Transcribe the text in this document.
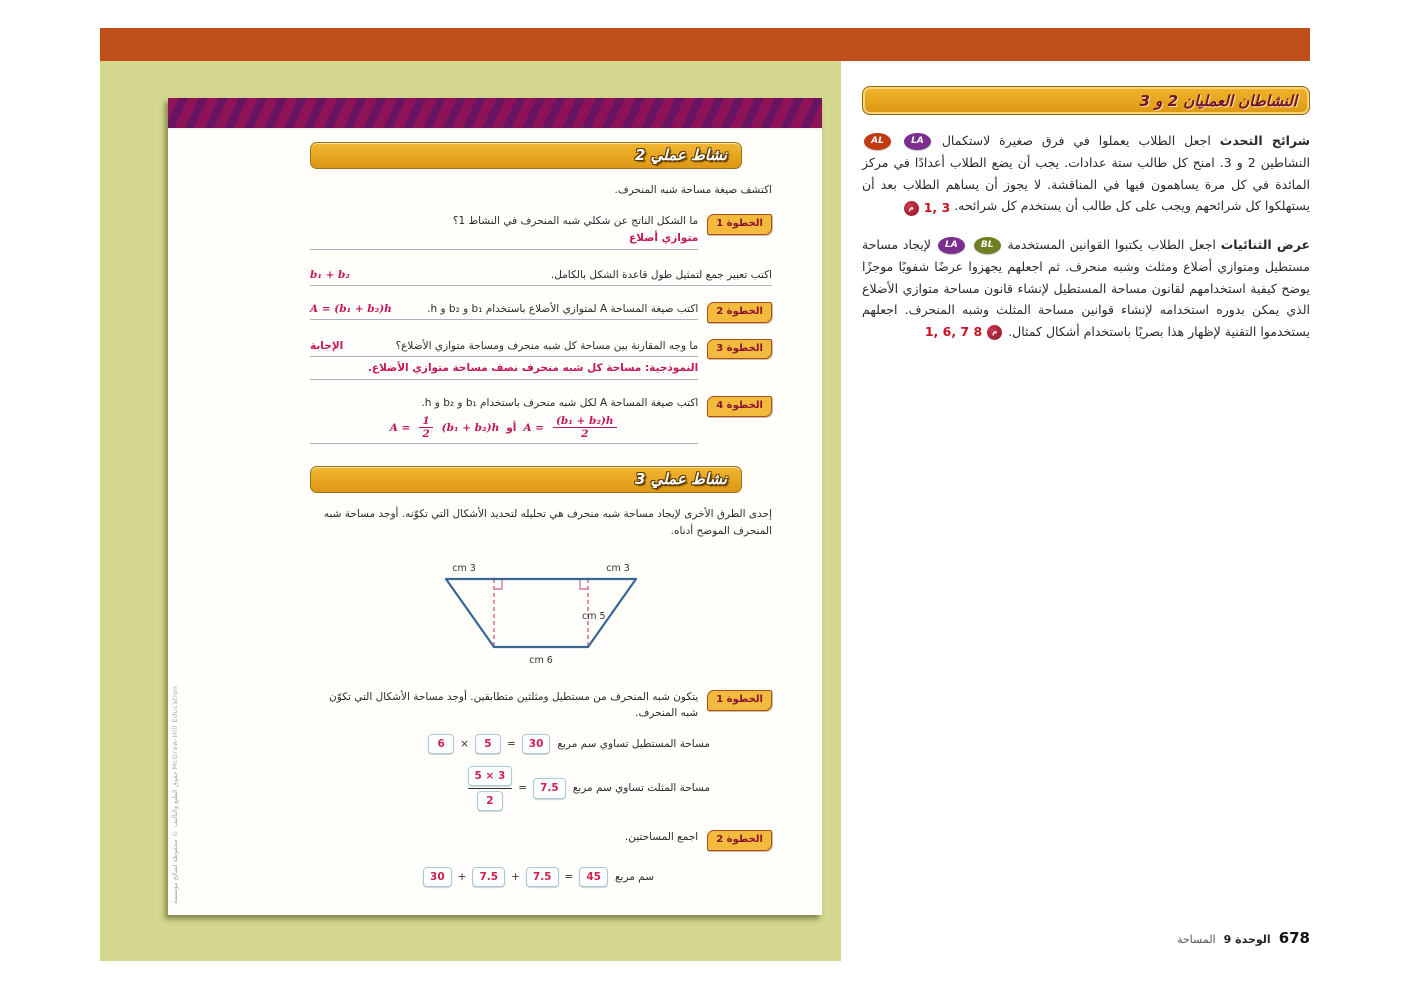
حقوق الطبع والتأليف © محفوظة لصالح مؤسسة McGraw-Hill Education
نشاط عملي 2

اكتشف صيغة مساحة شبه المنحرف.

الخطوة 1
ما الشكل الناتج عن شكلي شبه المنحرف في النشاط 1؟
متوازي أضلاع
اكتب تعبير جمع لتمثيل طول قاعدة الشكل بالكامل.
b₁ + b₂
الخطوة 2
اكتب صيغة المساحة A لمتوازي الأضلاع باستخدام b₁ و b₂ و h.
A = (b₁ + b₂)h
الخطوة 3
ما وجه المقارنة بين مساحة كل شبه منحرف ومساحة متوازي الأضلاع؟
الإجابة
النموذجية: مساحة كل شبه منحرف نصف مساحة متوازي الأضلاع.
الخطوة 4
اكتب صيغة المساحة A لكل شبه منحرف باستخدام b₁ و b₂ و h.
$A = \frac{1}{2} (b_1 + b_2)h$ أو $A = \frac{\text{(b₁ + b₂)h}}{2}$
نشاط عملي 3

إحدى الطرق الأخرى لإيجاد مساحة شبه منحرف هي تحليله لتحديد الأشكال التي تكوّنه. أوجد مساحة شبه المنحرف الموضح أدناه.

3 cm	3 cm
5 cm
6 cm
الخطوة 1
يتكون شبه المنحرف من مستطيل ومثلثين متطابقين. أوجد مساحة الأشكال التي تكوّن شبه المنحرف.
مساحة المستطيل تساوي سم مربع
6	×	5	=	30
مساحة المثلث تساوي سم مربع
$\frac{5 \times 3}{2}$ =	7.5
الخطوة 2
اجمع المساحتين.
سم مربع
30	+	7.5	+	7.5	=	45
النشاطان العمليان 2 و 3

شرائح التحدث اجعل الطلاب يعملوا في فرق صغيرة لاستكمال LA AL النشاطين 2 و 3. امنح كل طالب ستة عدادات. يجب أن يضع الطلاب أعدادًا في مركز المائدة في كل مرة يساهمون فيها في المناقشة. لا يجوز أن يساهم الطلاب بعد أن يستهلكوا كل شرائحهم ويجب على كل طالب أن يستخدم كل شرائحه.
م 1, 3

عرض الثنائيات اجعل الطلاب يكتبوا القوانين المستخدمة BL LA لإيجاد مساحة مستطيل ومتوازي أضلاع ومثلث وشبه منحرف. ثم اجعلهم يجهزوا عرضًا شفويًا موجزًا يوضح كيفية استخدامهم لقانون مساحة المستطيل لإنشاء قانون مساحة متوازي الأضلاع الذي يمكن بدوره استخدامه لإنشاء قوانين مساحة المثلث وشبه المنحرف. اجعلهم يستخدموا التقنية لإظهار هذا بصريًا باستخدام أشكال كمثال.
1, 6, 7 8	م

678
الوحدة 9
المساحة
